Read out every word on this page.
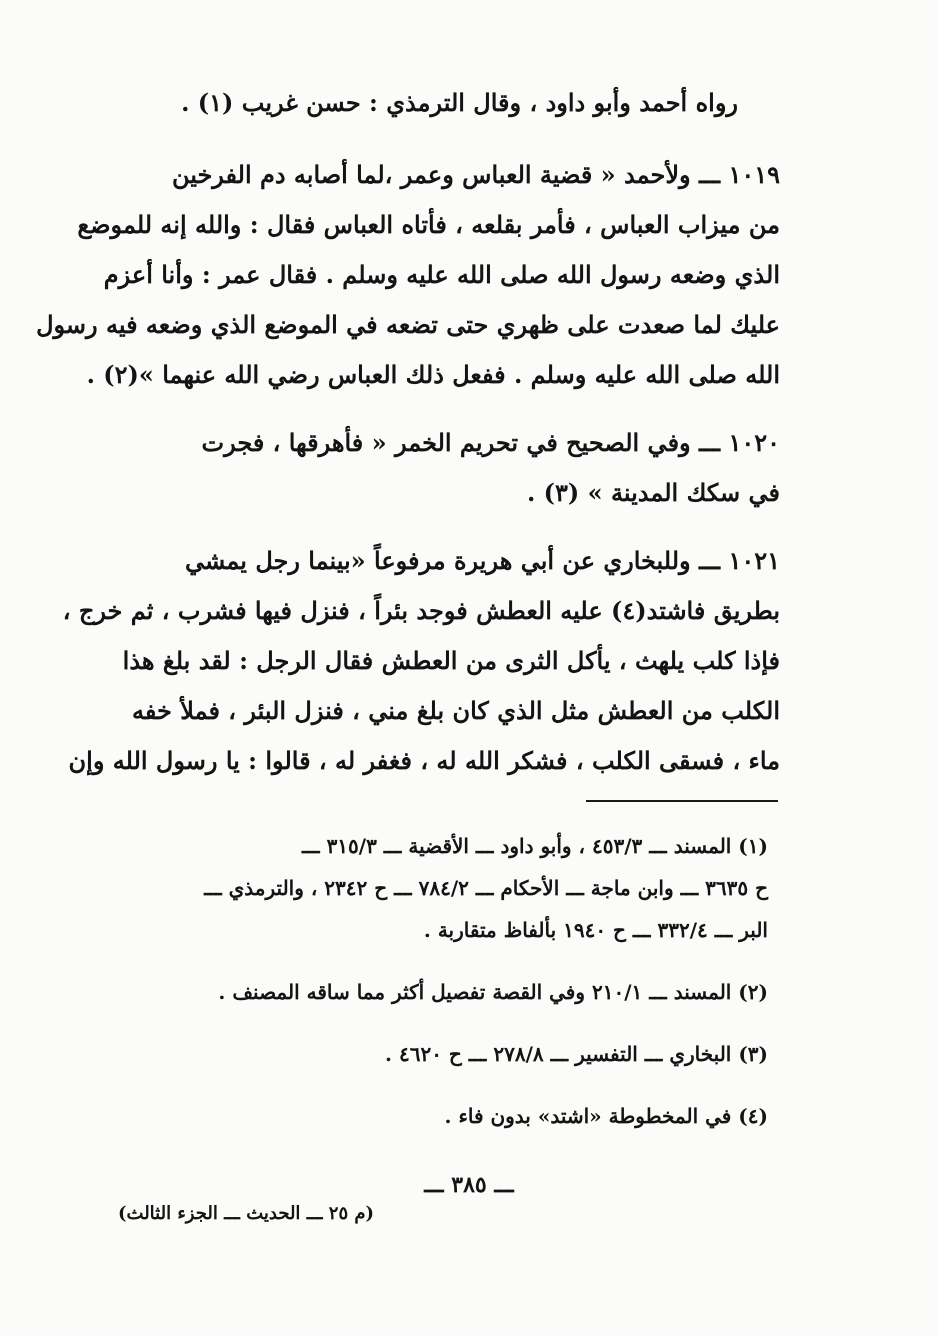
رواه أحمد وأبو داود ، وقال الترمذي : حسن غريب (١) .
١٠١٩ ـــ ولأحمد « قضية العباس وعمر ،لما أصابه دم الفرخين
من ميزاب العباس ، فأمر بقلعه ، فأتاه العباس فقال : والله إنه للموضع
الذي وضعه رسول الله صلى الله عليه وسلم . فقال عمر : وأنا أعزم
عليك لما صعدت على ظهري حتى تضعه في الموضع الذي وضعه فيه رسول
الله صلى الله عليه وسلم . ففعل ذلك العباس رضي الله عنهما »(٢) .
١٠٢٠ ـــ وفي الصحيح في تحريم الخمر « فأهرقها ، فجرت
في سكك المدينة » (٣) .
١٠٢١ ـــ وللبخاري عن أبي هريرة مرفوعاً «بينما رجل يمشي
بطريق فاشتد(٤) عليه العطش فوجد بئراً ، فنزل فيها فشرب ، ثم خرج ،
فإذا كلب يلهث ، يأكل الثرى من العطش فقال الرجل : لقد بلغ هذا
الكلب من العطش مثل الذي كان بلغ مني ، فنزل البئر ، فملأ خفه
ماء ، فسقى الكلب ، فشكر الله له ، فغفر له ، قالوا : يا رسول الله وإن
(١) المسند ـــ ٤٥٣/٣ ، وأبو داود ـــ الأقضية ـــ ٣١٥/٣ ـــ
ح ٣٦٣٥ ـــ وابن ماجة ـــ الأحكام ـــ ٧٨٤/٢ ـــ ح ٢٣٤٢ ، والترمذي ـــ
البر ـــ ٣٣٢/٤ ـــ ح ١٩٤٠ بألفاظ متقاربة .
(٢) المسند ـــ ٢١٠/١ وفي القصة تفصيل أكثر مما ساقه المصنف .
(٣) البخاري ـــ التفسير ـــ ٢٧٨/٨ ـــ ح ٤٦٢٠ .
(٤) في المخطوطة «اشتد» بدون فاء .
ـــ ٣٨٥ ـــ
(م ٢٥ ـــ الحديث ـــ الجزء الثالث)
